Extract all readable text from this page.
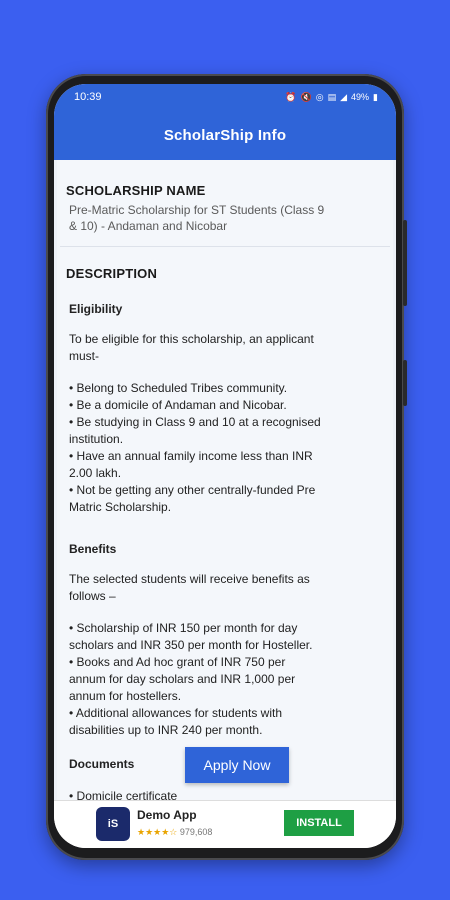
10:39	⏰ 🔇 ◎ ▤ ◢ 49% ▮
ScholarShip Info
SCHOLARSHIP NAME
Pre-Matric Scholarship for ST Students (Class 9
& 10) - Andaman and Nicobar
DESCRIPTION
Eligibility
To be eligible for this scholarship, an applicant
must-
• Belong to Scheduled Tribes community.
• Be a domicile of Andaman and Nicobar.
• Be studying in Class 9 and 10 at a recognised
institution.
• Have an annual family income less than INR
2.00 lakh.
• Not be getting any other centrally-funded Pre
Matric Scholarship.
Benefits
The selected students will receive benefits as
follows –
• Scholarship of INR 150 per month for day
scholars and INR 350 per month for Hosteller.
• Books and Ad hoc grant of INR 750 per
annum for day scholars and INR 1,000 per
annum for hostellers.
• Additional allowances for students with
disabilities up to INR 240 per month.
Documents
• Domicile certificate
Apply Now
iS
Demo App
★★★★☆ 979,608
INSTALL
